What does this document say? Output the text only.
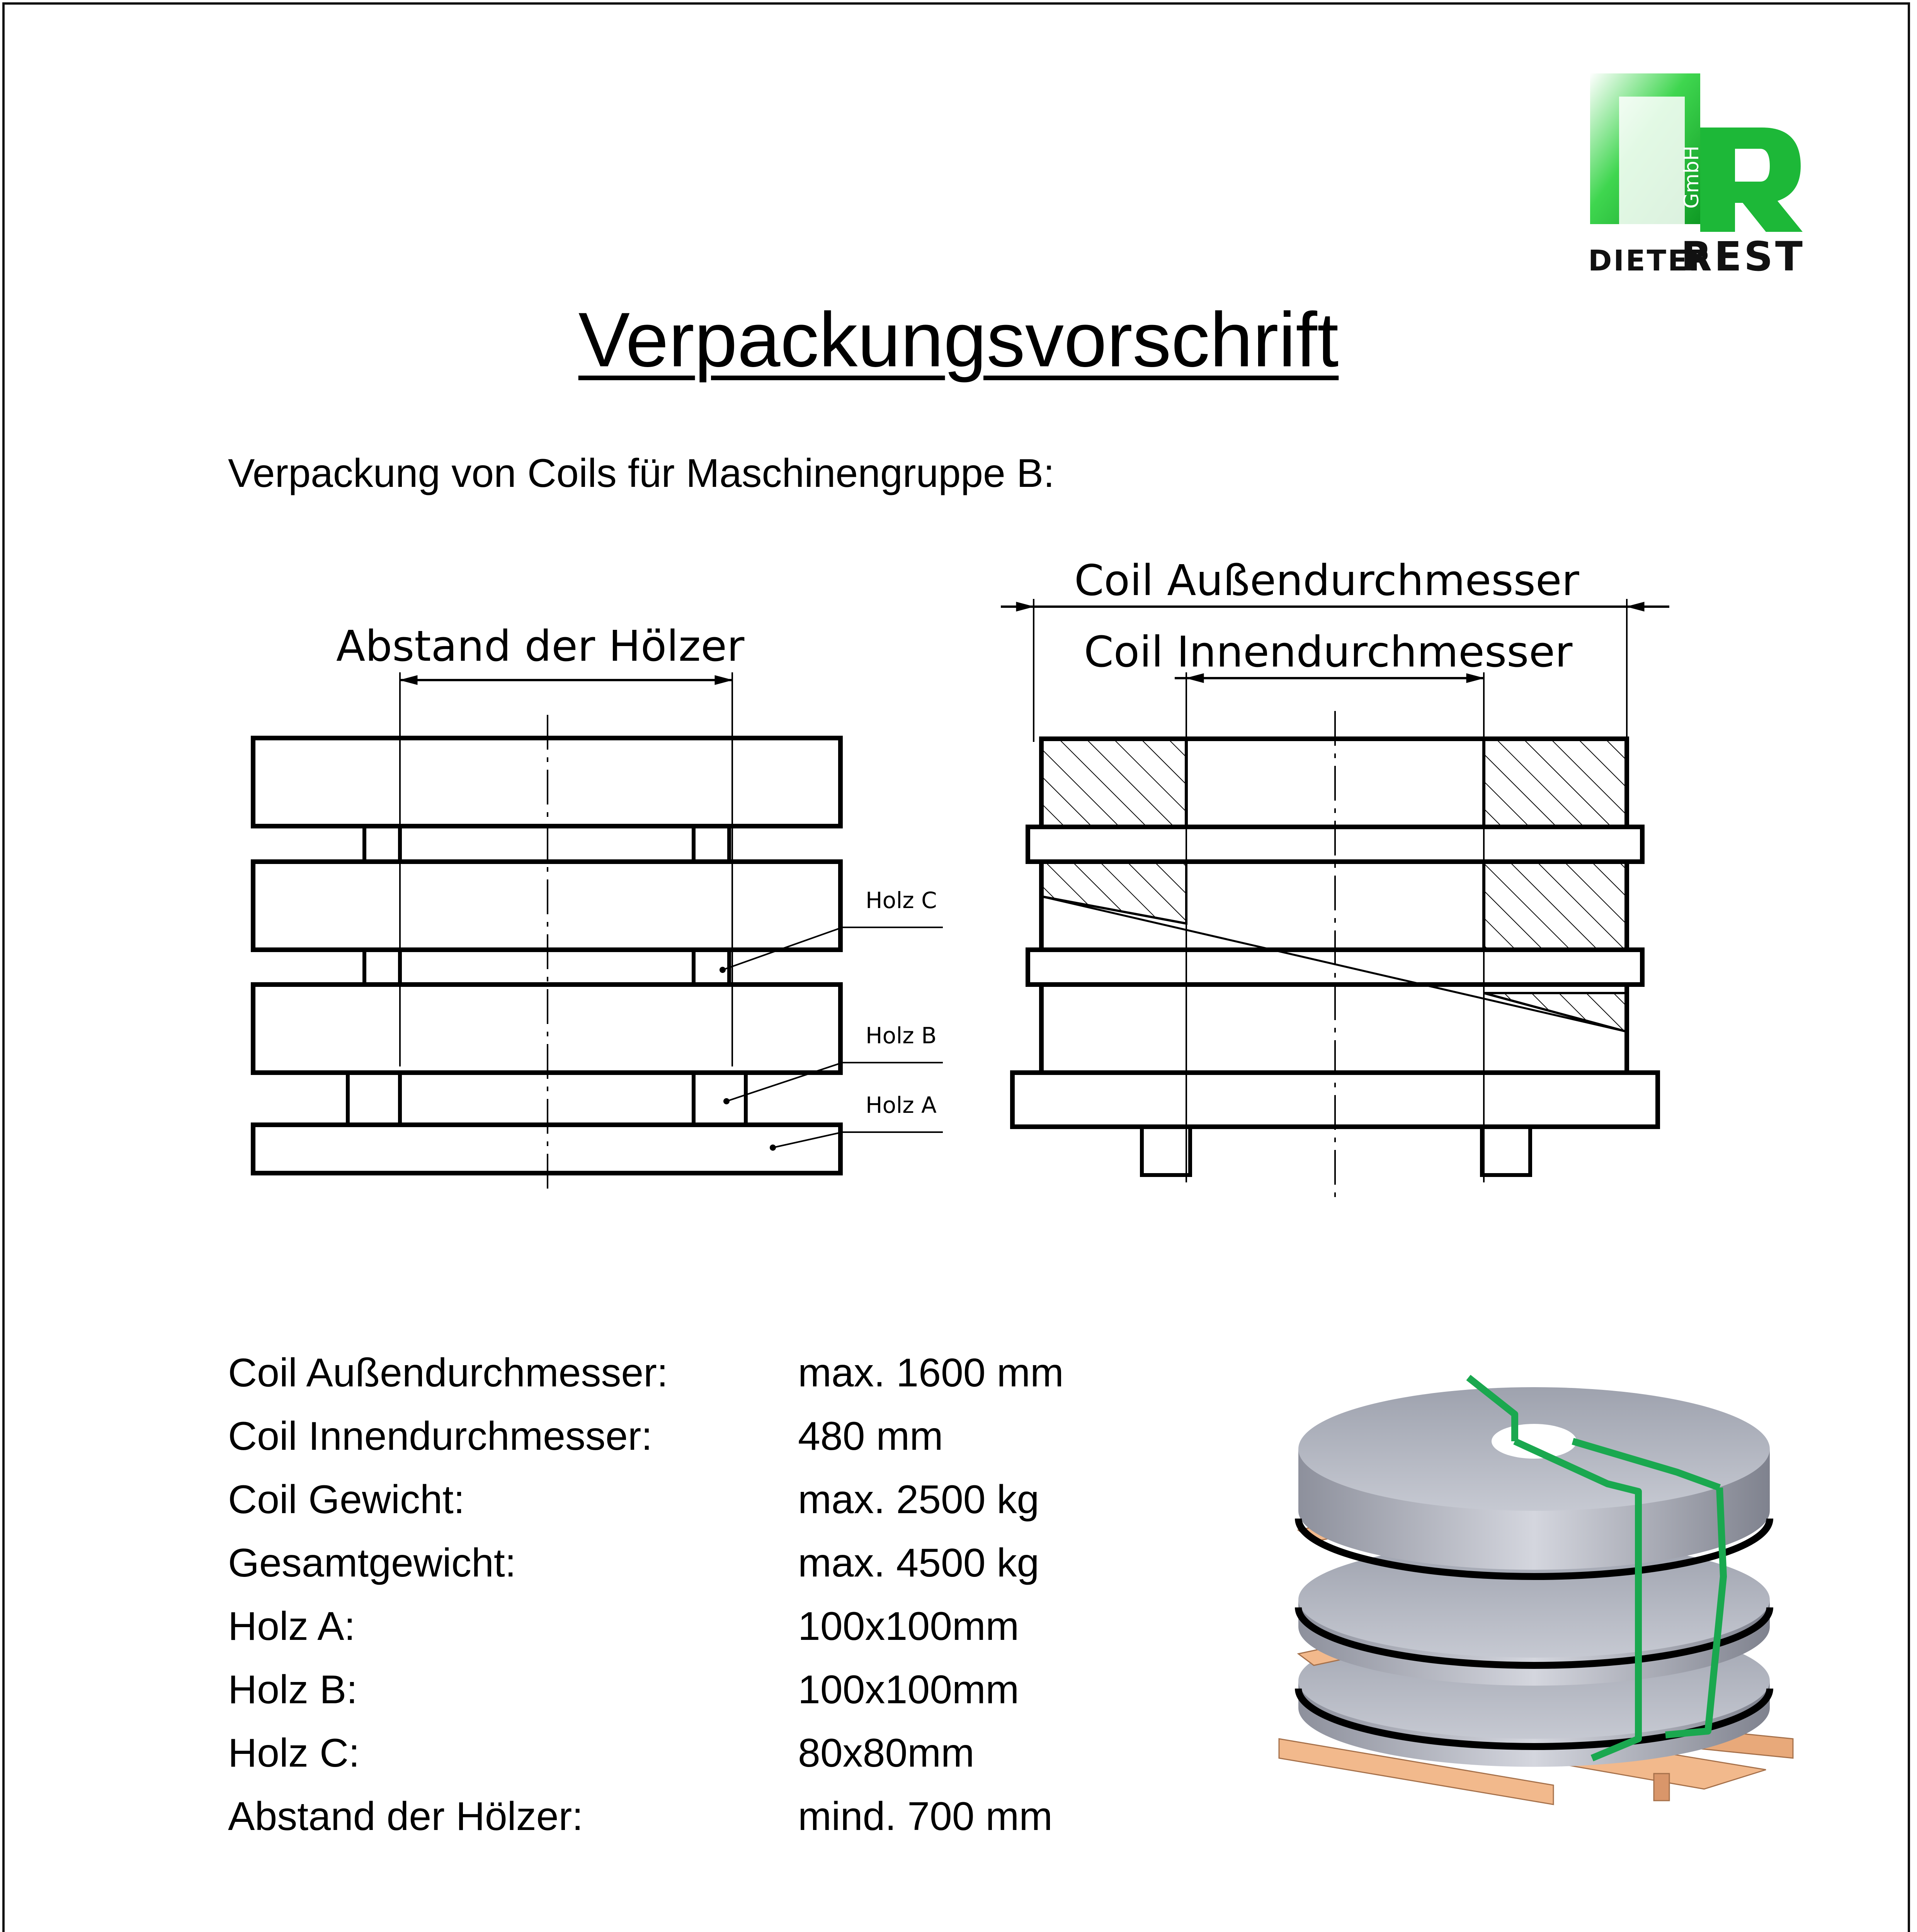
GmbH
DIETER
REST
Verpackungsvorschrift
Verpackung von Coils für Maschinengruppe B:
Abstand der Hölzer
Holz C
Holz B
Holz A
Coil Außendurchmesser
Coil Innendurchmesser
Coil Außendurchmesser:	max. 1600 mm
Coil Innendurchmesser:	480 mm
Coil Gewicht:	max. 2500 kg
Gesamtgewicht:	max. 4500 kg
Holz A:	100x100mm
Holz B:	100x100mm
Holz C:	80x80mm
Abstand der Hölzer:	mind. 700 mm
